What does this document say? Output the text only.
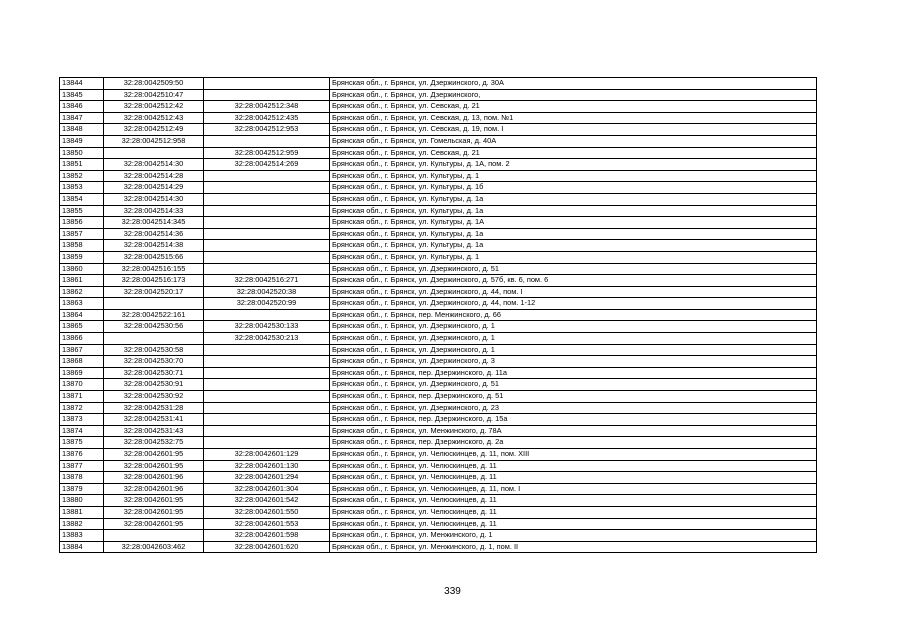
13844	32:28:0042509:50		Брянская обл., г. Брянск, ул. Дзержинского, д. 30А
13845	32:28:0042510:47		Брянская обл., г. Брянск, ул. Дзержинского,
13846	32:28:0042512:42	32:28:0042512:348	Брянская обл., г. Брянск, ул. Севская, д. 21
13847	32:28:0042512:43	32:28:0042512:435	Брянская обл., г. Брянск, ул. Севская, д. 13, пом. №1
13848	32:28:0042512:49	32:28:0042512:953	Брянская обл., г. Брянск, ул. Севская, д. 19, пом. I
13849	32:28:0042512:958		Брянская обл., г. Брянск, ул. Гомельская, д. 40А
13850		32:28:0042512:959	Брянская обл., г. Брянск, ул. Севская, д. 21
13851	32:28:0042514:30	32:28:0042514:269	Брянская обл., г. Брянск, ул. Культуры, д. 1А, пом. 2
13852	32:28:0042514:28		Брянская обл., г. Брянск, ул. Культуры, д. 1
13853	32:28:0042514:29		Брянская обл., г. Брянск, ул. Культуры, д. 1б
13854	32:28:0042514:30		Брянская обл., г. Брянск, ул. Культуры, д. 1а
13855	32:28:0042514:33		Брянская обл., г. Брянск, ул. Культуры, д. 1а
13856	32:28:0042514:345		Брянская обл., г. Брянск, ул. Культуры, д. 1А
13857	32:28:0042514:36		Брянская обл., г. Брянск, ул. Культуры, д. 1а
13858	32:28:0042514:38		Брянская обл., г. Брянск, ул. Культуры, д. 1а
13859	32:28:0042515:66		Брянская обл., г. Брянск, ул. Культуры, д. 1
13860	32:28:0042516:155		Брянская обл., г. Брянск, ул. Дзержинского, д. 51
13861	32:28:0042516:173	32:28:0042516:271	Брянская обл., г. Брянск, ул. Дзержинского, д. 57б, кв. 6, пом. 6
13862	32:28:0042520:17	32:28:0042520:38	Брянская обл., г. Брянск, ул. Дзержинского, д. 44, пом. I
13863		32:28:0042520:99	Брянская обл., г. Брянск, ул. Дзержинского, д. 44, пом. 1-12
13864	32:28:0042522:161		Брянская обл., г. Брянск, пер. Менжинского, д. 66
13865	32:28:0042530:56	32:28:0042530:133	Брянская обл., г. Брянск, ул. Дзержинского, д. 1
13866		32:28:0042530:213	Брянская обл., г. Брянск, ул. Дзержинского, д. 1
13867	32:28:0042530:58		Брянская обл., г. Брянск, ул. Дзержинского, д. 1
13868	32:28:0042530:70		Брянская обл., г. Брянск, ул. Дзержинского, д. 3
13869	32:28:0042530:71		Брянская обл., г. Брянск, пер. Дзержинского, д. 11а
13870	32:28:0042530:91		Брянская обл., г. Брянск, ул. Дзержинского, д. 51
13871	32:28:0042530:92		Брянская обл., г. Брянск, пер. Дзержинского, д. 51
13872	32:28:0042531:28		Брянская обл., г. Брянск, ул. Дзержинского, д. 23
13873	32:28:0042531:41		Брянская обл., г. Брянск, пер. Дзержинского, д. 15а
13874	32:28:0042531:43		Брянская обл., г. Брянск, ул. Менжинского, д. 78А
13875	32:28:0042532:75		Брянская обл., г. Брянск, пер. Дзержинского, д. 2а
13876	32:28:0042601:95	32:28:0042601:129	Брянская обл., г. Брянск, ул. Челюскинцев, д. 11, пом. XIII
13877	32:28:0042601:95	32:28:0042601:130	Брянская обл., г. Брянск, ул. Челюскинцев, д. 11
13878	32:28:0042601:96	32:28:0042601:294	Брянская обл., г. Брянск, ул. Челюскинцев, д. 11
13879	32:28:0042601:96	32:28:0042601:304	Брянская обл., г. Брянск, ул. Челюскинцев, д. 11, пом. I
13880	32:28:0042601:95	32:28:0042601:542	Брянская обл., г. Брянск, ул. Челюскинцев, д. 11
13881	32:28:0042601:95	32:28:0042601:550	Брянская обл., г. Брянск, ул. Челюскинцев, д. 11
13882	32:28:0042601:95	32:28:0042601:553	Брянская обл., г. Брянск, ул. Челюскинцев, д. 11
13883		32:28:0042601:598	Брянская обл., г. Брянск, ул. Менжинского, д. 1
13884	32:28:0042603:462	32:28:0042601:620	Брянская обл., г. Брянск, ул. Менжинского, д. 1, пом. II
339
